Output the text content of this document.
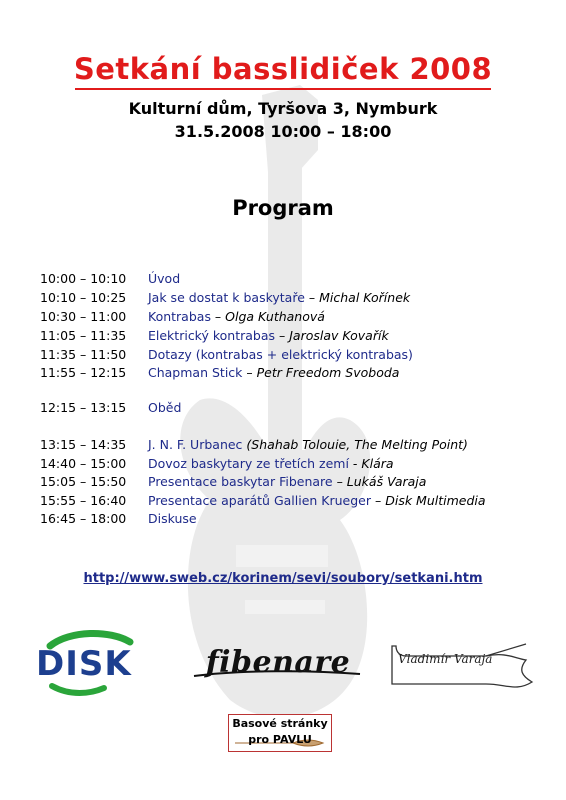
Setkání basslidiček 2008
Kulturní dům, Tyršova 3, Nymburk
31.5.2008 10:00 – 18:00
Program
10:00 – 10:10	Úvod
10:10 – 10:25	Jak se dostat k baskytaře – Michal Kořínek
10:30 – 11:00	Kontrabas – Olga Kuthanová
11:05 – 11:35	Elektrický kontrabas – Jaroslav Kovařík
11:35 – 11:50	Dotazy (kontrabas + elektrický kontrabas)
11:55 – 12:15	Chapman Stick – Petr Freedom Svoboda
12:15 – 13:15	Oběd
13:15 – 14:35	J. N. F. Urbanec (Shahab Tolouie, The Melting Point)
14:40 – 15:00	Dovoz baskytary ze třetích zemí - Klára
15:05 – 15:50	Presentace baskytar Fibenare – Lukáš Varaja
15:55 – 16:40	Presentace aparátů Gallien Krueger – Disk Multimedia
16:45 – 18:00	Diskuse
http://www.sweb.cz/korinem/sevi/soubory/setkani.htm
DISK	fibenare	Vladimír Varaja
Basové stránky
pro PAVLU
